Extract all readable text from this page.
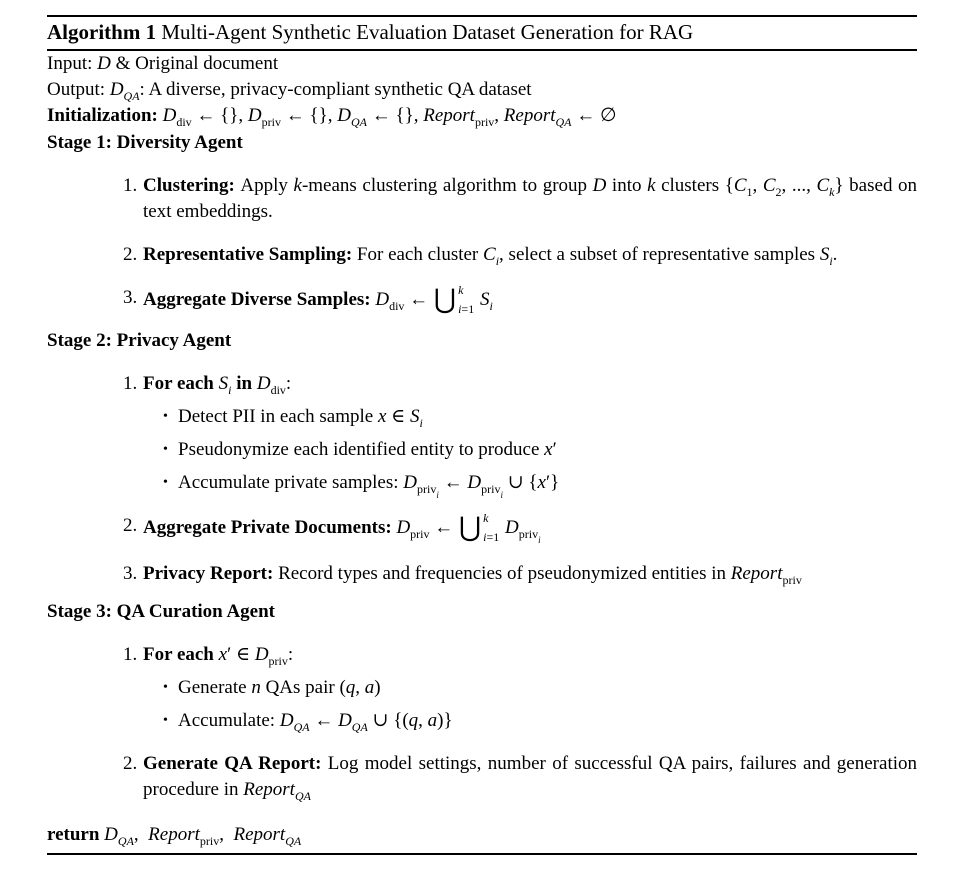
Algorithm 1 Multi-Agent Synthetic Evaluation Dataset Generation for RAG
Input: D & Original document
Output: $D_{QA}$: A diverse, privacy-compliant synthetic QA dataset
Initialization: $D_{div}$ ← {}, $D_{priv}$ ← {}, $D_{QA}$ ← {}, Report$_{priv}$, Report$_{QA}$ ← ∅
Stage 1: Diversity Agent
1. Clustering: Apply k-means clustering algorithm to group D into k clusters {$C_1$, $C_2$, ..., $C_k$} based on text embeddings.
2. Representative Sampling: For each cluster $C_i$, select a subset of representative samples $S_i$.
3. Aggregate Diverse Samples: $D_{div}$ ← ⋃ k
i=1 $S_i$
Stage 2: Privacy Agent
1. For each $S_i$ in $D_{div}$:
• Detect PII in each sample x ∈ $S_i$
• Pseudonymize each identified entity to produce x′
• Accumulate private samples: $D_{priv_i}$ ← $D_{priv_i}$ ∪ {x′}
2. Aggregate Private Documents: $D_{priv}$ ← ⋃ k
i=1 $D_{priv_i}$
3. Privacy Report: Record types and frequencies of pseudonymized entities in Report$_{priv}$
Stage 3: QA Curation Agent
1. For each x′ ∈ $D_{priv}$:
• Generate n QAs pair (q, a)
• Accumulate: $D_{QA}$ ← $D_{QA}$ ∪ {(q, a)}
2. Generate QA Report: Log model settings, number of successful QA pairs, failures and generation procedure in Report$_{QA}$
return $D_{QA}$, Report$_{priv}$, Report$_{QA}$
